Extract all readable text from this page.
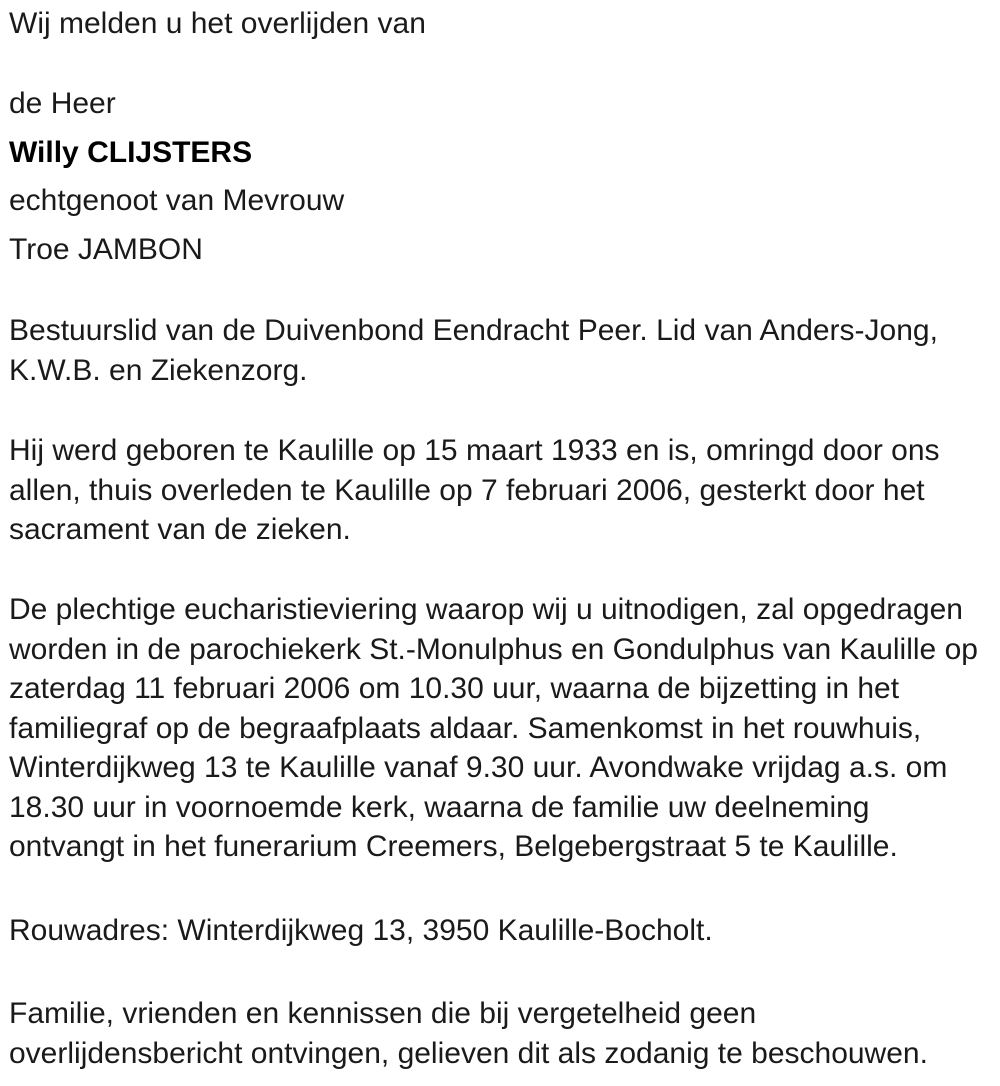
Wij melden u het overlijden van
de Heer
Willy CLIJSTERS
echtgenoot van Mevrouw
Troe JAMBON
Bestuurslid van de Duivenbond Eendracht Peer. Lid van Anders-Jong,
K.W.B. en Ziekenzorg.
Hij werd geboren te Kaulille op 15 maart 1933 en is, omringd door ons
allen, thuis overleden te Kaulille op 7 februari 2006, gesterkt door het
sacrament van de zieken.
De plechtige eucharistieviering waarop wij u uitnodigen, zal opgedragen
worden in de parochiekerk St.-Monulphus en Gondulphus van Kaulille op
zaterdag 11 februari 2006 om 10.30 uur, waarna de bijzetting in het
familiegraf op de begraafplaats aldaar. Samenkomst in het rouwhuis,
Winterdijkweg 13 te Kaulille vanaf 9.30 uur. Avondwake vrijdag a.s. om
18.30 uur in voornoemde kerk, waarna de familie uw deelneming
ontvangt in het funerarium Creemers, Belgebergstraat 5 te Kaulille.
Rouwadres: Winterdijkweg 13, 3950 Kaulille-Bocholt.
Familie, vrienden en kennissen die bij vergetelheid geen
overlijdensbericht ontvingen, gelieven dit als zodanig te beschouwen.
